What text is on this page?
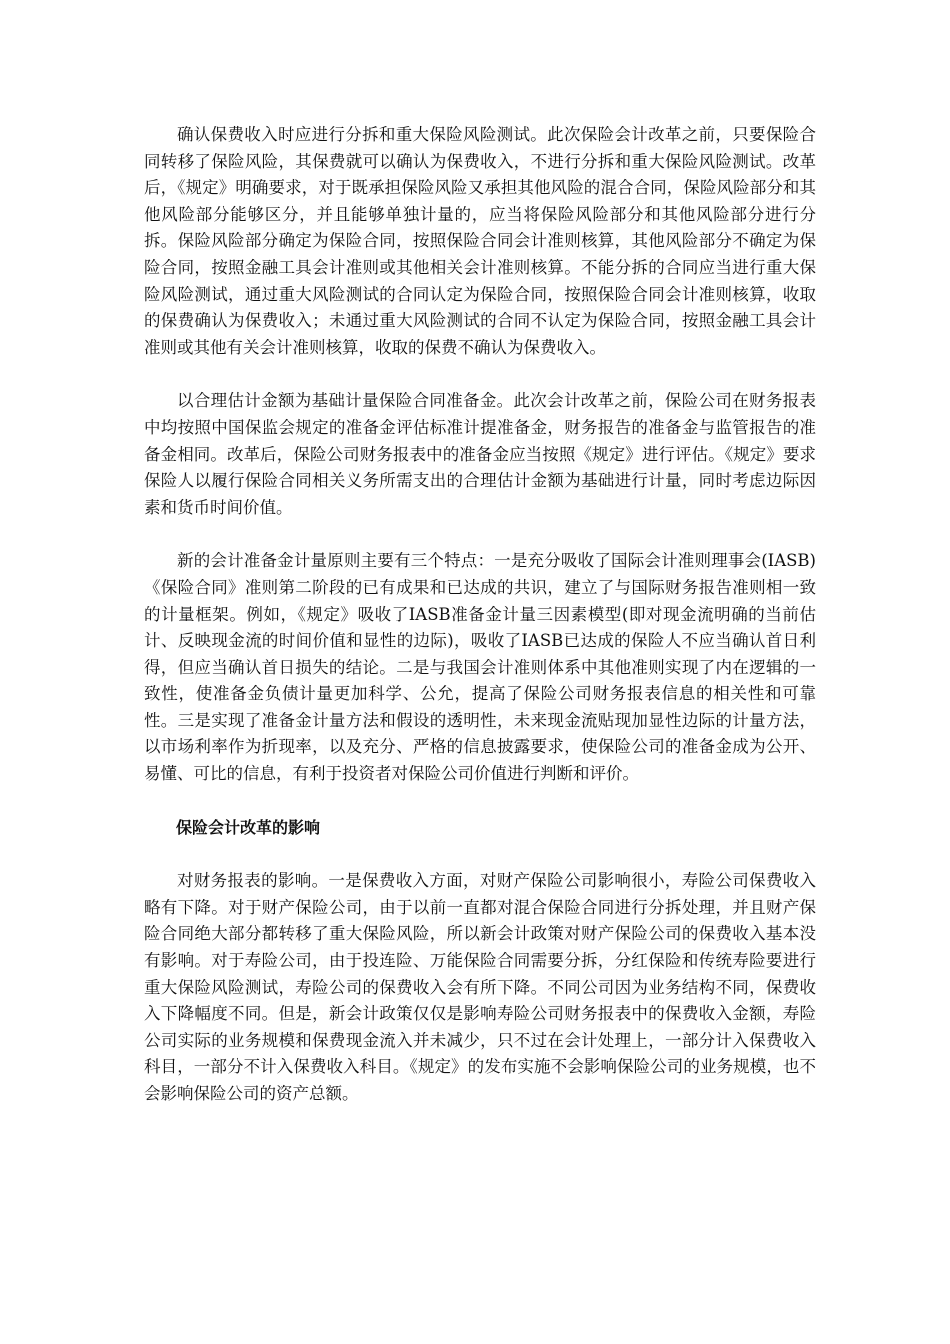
确认保费收入时应进行分拆和重大保险风险测试。此次保险会计改革之前，只要保险合同转移了保险风险，其保费就可以确认为保费收入，不进行分拆和重大保险风险测试。改革后，《规定》明确要求，对于既承担保险风险又承担其他风险的混合合同，保险风险部分和其他风险部分能够区分，并且能够单独计量的，应当将保险风险部分和其他风险部分进行分拆。保险风险部分确定为保险合同，按照保险合同会计准则核算，其他风险部分不确定为保险合同，按照金融工具会计准则或其他相关会计准则核算。不能分拆的合同应当进行重大保险风险测试，通过重大风险测试的合同认定为保险合同，按照保险合同会计准则核算，收取的保费确认为保费收入；未通过重大风险测试的合同不认定为保险合同，按照金融工具会计准则或其他有关会计准则核算，收取的保费不确认为保费收入。

以合理估计金额为基础计量保险合同准备金。此次会计改革之前，保险公司在财务报表中均按照中国保监会规定的准备金评估标准计提准备金，财务报告的准备金与监管报告的准备金相同。改革后，保险公司财务报表中的准备金应当按照《规定》进行评估。《规定》要求保险人以履行保险合同相关义务所需支出的合理估计金额为基础进行计量，同时考虑边际因素和货币时间价值。

新的会计准备金计量原则主要有三个特点：一是充分吸收了国际会计准则理事会(IASB)《保险合同》准则第二阶段的已有成果和已达成的共识，建立了与国际财务报告准则相一致的计量框架。例如，《规定》吸收了IASB准备金计量三因素模型(即对现金流明确的当前估计、反映现金流的时间价值和显性的边际)，吸收了IASB已达成的保险人不应当确认首日利得，但应当确认首日损失的结论。二是与我国会计准则体系中其他准则实现了内在逻辑的一致性，使准备金负债计量更加科学、公允，提高了保险公司财务报表信息的相关性和可靠性。三是实现了准备金计量方法和假设的透明性，未来现金流贴现加显性边际的计量方法，以市场利率作为折现率，以及充分、严格的信息披露要求，使保险公司的准备金成为公开、易懂、可比的信息，有利于投资者对保险公司价值进行判断和评价。

保险会计改革的影响

对财务报表的影响。一是保费收入方面，对财产保险公司影响很小，寿险公司保费收入略有下降。对于财产保险公司，由于以前一直都对混合保险合同进行分拆处理，并且财产保险合同绝大部分都转移了重大保险风险，所以新会计政策对财产保险公司的保费收入基本没有影响。对于寿险公司，由于投连险、万能保险合同需要分拆，分红保险和传统寿险要进行重大保险风险测试，寿险公司的保费收入会有所下降。不同公司因为业务结构不同，保费收入下降幅度不同。但是，新会计政策仅仅是影响寿险公司财务报表中的保费收入金额，寿险公司实际的业务规模和保费现金流入并未减少，只不过在会计处理上，一部分计入保费收入科目，一部分不计入保费收入科目。《规定》的发布实施不会影响保险公司的业务规模，也不会影响保险公司的资产总额。
